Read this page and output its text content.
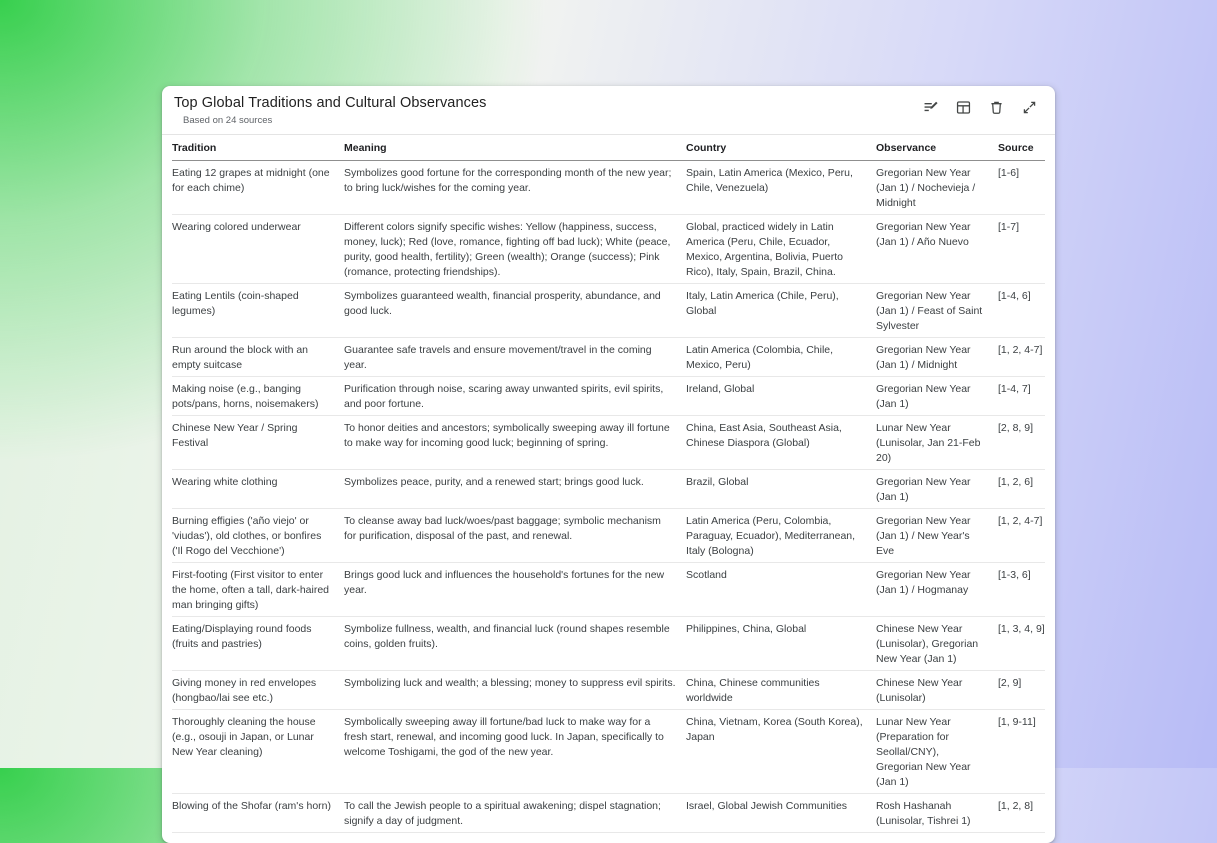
Top Global Traditions and Cultural Observances
Based on 24 sources
Tradition	Meaning	Country	Observance	Source
Eating 12 grapes at midnight (one for each chime)	Symbolizes good fortune for the corresponding month of the new year; to bring luck/wishes for the coming year.	Spain, Latin America (Mexico, Peru, Chile, Venezuela)	Gregorian New Year (Jan 1) / Nochevieja / Midnight	[1-6]
Wearing colored underwear	Different colors signify specific wishes: Yellow (happiness, success, money, luck); Red (love, romance, fighting off bad luck); White (peace, purity, good health, fertility); Green (wealth); Orange (success); Pink (romance, protecting friendships).	Global, practiced widely in Latin America (Peru, Chile, Ecuador, Mexico, Argentina, Bolivia, Puerto Rico), Italy, Spain, Brazil, China.	Gregorian New Year (Jan 1) / Año Nuevo	[1-7]
Eating Lentils (coin-shaped legumes)	Symbolizes guaranteed wealth, financial prosperity, abundance, and good luck.	Italy, Latin America (Chile, Peru), Global	Gregorian New Year (Jan 1) / Feast of Saint Sylvester	[1-4, 6]
Run around the block with an empty suitcase	Guarantee safe travels and ensure movement/travel in the coming year.	Latin America (Colombia, Chile, Mexico, Peru)	Gregorian New Year (Jan 1) / Midnight	[1, 2, 4-7]
Making noise (e.g., banging pots/pans, horns, noisemakers)	Purification through noise, scaring away unwanted spirits, evil spirits, and poor fortune.	Ireland, Global	Gregorian New Year (Jan 1)	[1-4, 7]
Chinese New Year / Spring Festival	To honor deities and ancestors; symbolically sweeping away ill fortune to make way for incoming good luck; beginning of spring.	China, East Asia, Southeast Asia, Chinese Diaspora (Global)	Lunar New Year (Lunisolar, Jan 21-Feb 20)	[2, 8, 9]
Wearing white clothing	Symbolizes peace, purity, and a renewed start; brings good luck.	Brazil, Global	Gregorian New Year (Jan 1)	[1, 2, 6]
Burning effigies ('año viejo' or 'viudas'), old clothes, or bonfires ('Il Rogo del Vecchione')	To cleanse away bad luck/woes/past baggage; symbolic mechanism for purification, disposal of the past, and renewal.	Latin America (Peru, Colombia, Paraguay, Ecuador), Mediterranean, Italy (Bologna)	Gregorian New Year (Jan 1) / New Year's Eve	[1, 2, 4-7]
First-footing (First visitor to enter the home, often a tall, dark-haired man bringing gifts)	Brings good luck and influences the household's fortunes for the new year.	Scotland	Gregorian New Year (Jan 1) / Hogmanay	[1-3, 6]
Eating/Displaying round foods (fruits and pastries)	Symbolize fullness, wealth, and financial luck (round shapes resemble coins, golden fruits).	Philippines, China, Global	Chinese New Year (Lunisolar), Gregorian New Year (Jan 1)	[1, 3, 4, 9]
Giving money in red envelopes (hongbao/lai see etc.)	Symbolizing luck and wealth; a blessing; money to suppress evil spirits.	China, Chinese communities worldwide	Chinese New Year (Lunisolar)	[2, 9]
Thoroughly cleaning the house (e.g., osouji in Japan, or Lunar New Year cleaning)	Symbolically sweeping away ill fortune/bad luck to make way for a fresh start, renewal, and incoming good luck. In Japan, specifically to welcome Toshigami, the god of the new year.	China, Vietnam, Korea (South Korea), Japan	Lunar New Year (Preparation for Seollal/CNY), Gregorian New Year (Jan 1)	[1, 9-11]
Blowing of the Shofar (ram's horn)	To call the Jewish people to a spiritual awakening; dispel stagnation; signify a day of judgment.	Israel, Global Jewish Communities	Rosh Hashanah (Lunisolar, Tishrei 1)	[1, 2, 8]
